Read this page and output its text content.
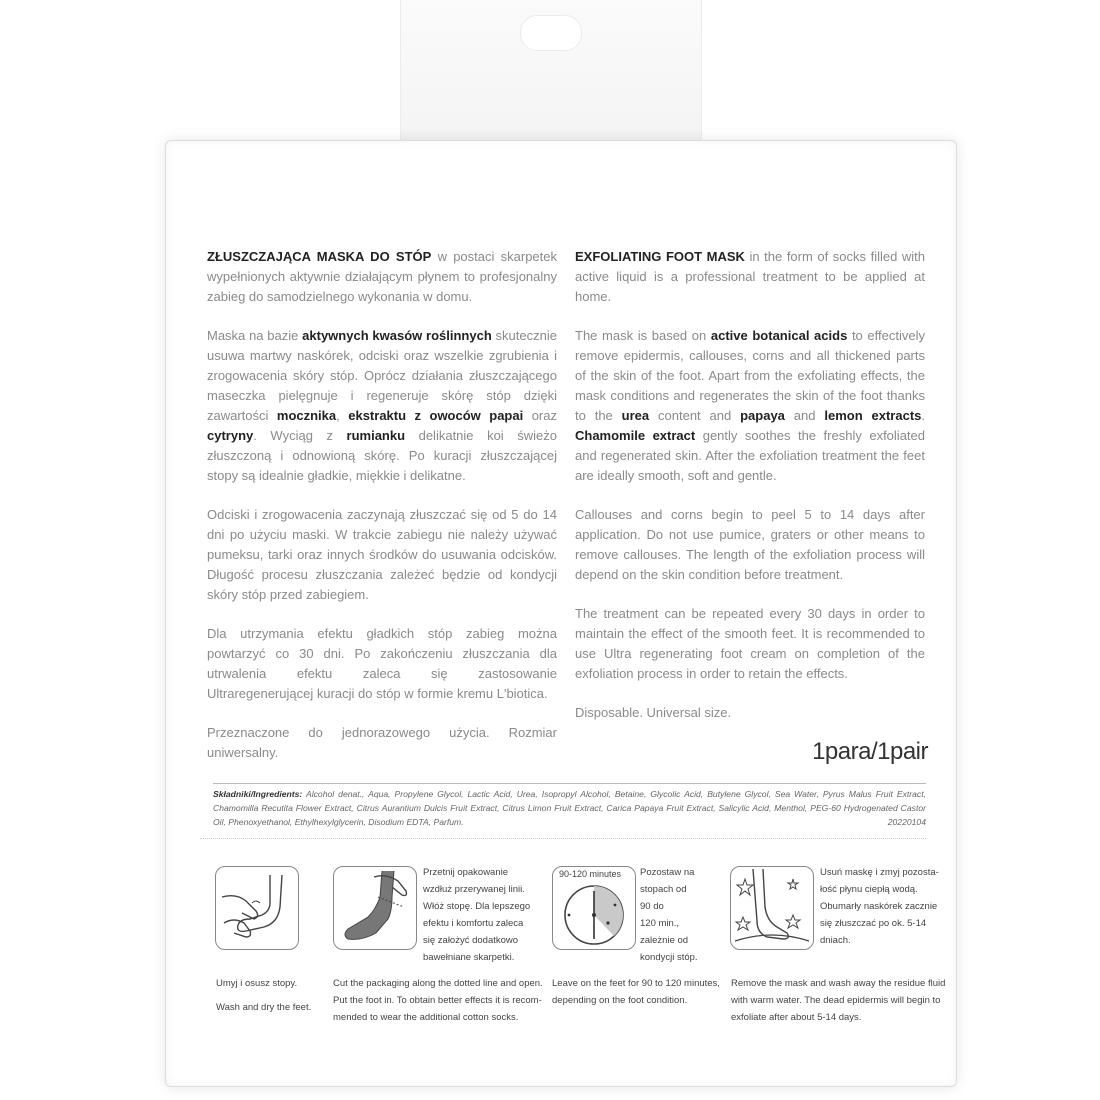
ZŁUSZCZAJĄCA MASKA DO STÓP w postaci skarpetek wypełnionych aktywnie działającym płynem to profesjonalny zabieg do samodzielnego wykonania w domu.

Maska na bazie aktywnych kwasów roślinnych skutecznie usuwa martwy naskórek, odciski oraz wszelkie zgrubienia i zrogowacenia skóry stóp. Oprócz działania złuszczającego maseczka pielęgnuje i regeneruje skórę stóp dzięki zawartości mocznika, ekstraktu z owoców papai oraz cytryny. Wyciąg z rumianku delikatnie koi świeżo złuszczoną i odnowioną skórę. Po kuracji złuszczającej stopy są idealnie gładkie, miękkie i delikatne.

Odciski i zrogowacenia zaczynają złuszczać się od 5 do 14 dni po użyciu maski. W trakcie zabiegu nie należy używać pumeksu, tarki oraz innych środków do usuwania odcisków. Długość procesu złuszczania zależeć będzie od kondycji skóry stóp przed zabiegiem.

Dla utrzymania efektu gładkich stóp zabieg można powtarzyć co 30 dni. Po zakończeniu złuszczania dla utrwalenia efektu zaleca się zastosowanie Ultraregenerującej kuracji do stóp w formie kremu L'biotica.

Przeznaczone do jednorazowego użycia. Rozmiar uniwersalny.

EXFOLIATING FOOT MASK in the form of socks filled with active liquid is a professional treatment to be applied at home.

The mask is based on active botanical acids to effectively remove epidermis, callouses, corns and all thickened parts of the skin of the foot. Apart from the exfoliating effects, the mask conditions and regenerates the skin of the foot thanks to the urea content and papaya and lemon extracts. Chamomile extract gently soothes the freshly exfoliated and regenerated skin. After the exfoliation treatment the feet are ideally smooth, soft and gentle.

Callouses and corns begin to peel 5 to 14 days after application. Do not use pumice, graters or other means to remove callouses. The length of the exfoliation process will depend on the skin condition before treatment.

The treatment can be repeated every 30 days in order to maintain the effect of the smooth feet. It is recommended to use Ultra regenerating foot cream on completion of the exfoliation process in order to retain the effects.

Disposable. Universal size.

1para/1pair
Składniki/Ingredients: Alcohol denat., Aqua, Propylene Glycol, Lactic Acid, Urea, Isopropyl Alcohol, Betaine, Glycolic Acid, Butylene Glycol, Sea Water, Pyrus Malus Fruit Extract, Chamomilla Recutita Flower Extract, Citrus Aurantium Dulcis Fruit Extract, Citrus Limon Fruit Extract, Carica Papaya Fruit Extract, Salicylic Acid, Menthol, PEG-60 Hydrogenated Castor Oil, Phenoxyethanol, Ethylhexylglycerin, Disodium EDTA, Parfum.	20220104
Umyj i osusz stopy.
Wash and dry the feet.
Przetnij opakowanie
wzdłuż przerywanej linii.
Włóż stopę. Dla lepszego
efektu i komfortu zaleca
się założyć dodatkowo
bawełniane skarpetki.
Cut the packaging along the dotted line and open.
Put the foot in. To obtain better effects it is recom-
mended to wear the additional cotton socks.
90-120 minutes Pozostaw na
stopach od
90 do
120 min.,
zależnie od
kondycji stóp.
Leave on the feet for 90 to 120 minutes,
depending on the foot condition.
Usuń maskę i zmyj pozosta-
łość płynu ciepłą wodą.
Obumarły naskórek zacznie
się złuszczać po ok. 5-14
dniach.
Remove the mask and wash away the residue fluid
with warm water. The dead epidermis will begin to
exfoliate after about 5-14 days.
